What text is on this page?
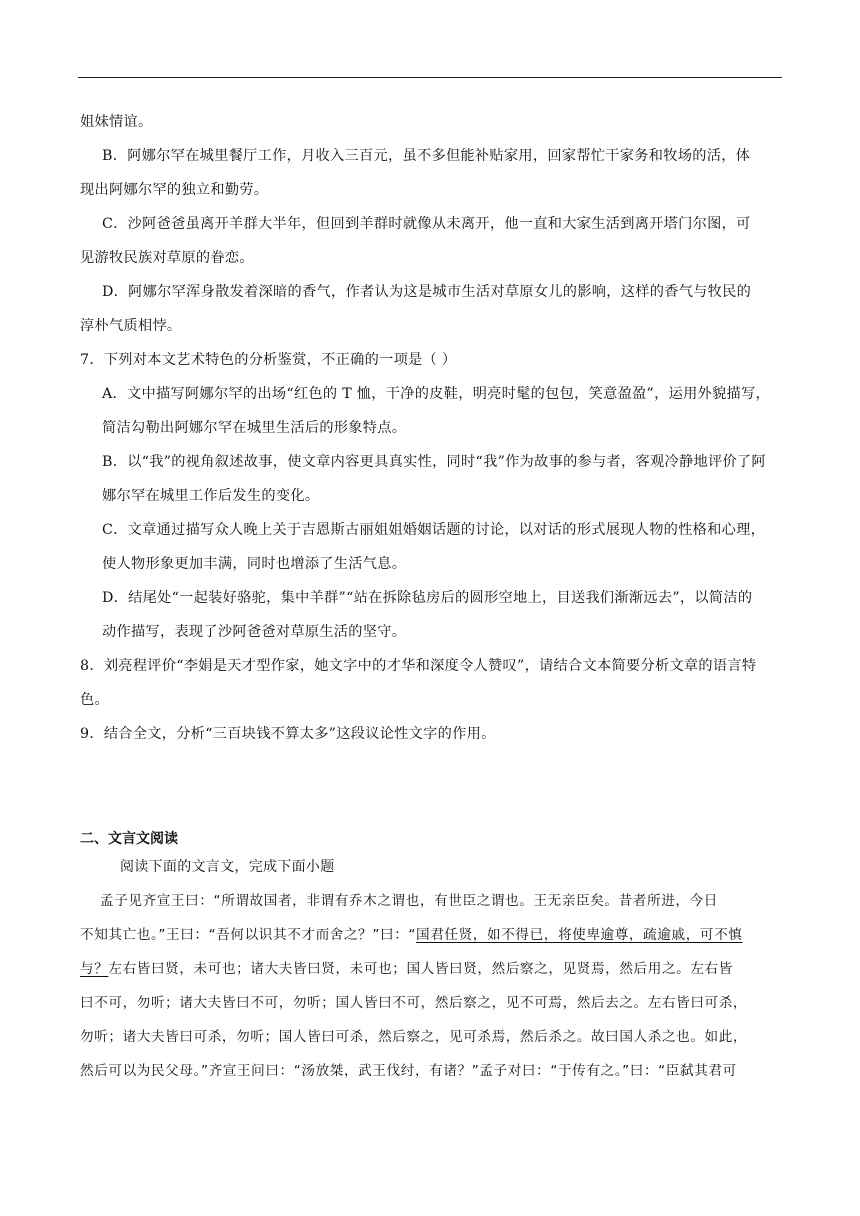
姐妹情谊。
B．阿娜尔罕在城里餐厅工作，月收入三百元，虽不多但能补贴家用，回家帮忙干家务和牧场的活，体
现出阿娜尔罕的独立和勤劳。
C．沙阿爸爸虽离开羊群大半年，但回到羊群时就像从未离开，他一直和大家生活到离开塔门尔图，可
见游牧民族对草原的眷恋。
D．阿娜尔罕浑身散发着深暗的香气，作者认为这是城市生活对草原女儿的影响，这样的香气与牧民的
淳朴气质相悖。
7．下列对本文艺术特色的分析鉴赏，不正确的一项是（ ）
A．文中描写阿娜尔罕的出场“红色的 T 恤，干净的皮鞋，明亮时髦的包包，笑意盈盈”，运用外貌描写，
简洁勾勒出阿娜尔罕在城里生活后的形象特点。
B．以“我”的视角叙述故事，使文章内容更具真实性，同时“我”作为故事的参与者，客观冷静地评价了阿
娜尔罕在城里工作后发生的变化。
C．文章通过描写众人晚上关于吉恩斯古丽姐姐婚姻话题的讨论，以对话的形式展现人物的性格和心理，
使人物形象更加丰满，同时也增添了生活气息。
D．结尾处“一起装好骆驼，集中羊群”“站在拆除毡房后的圆形空地上，目送我们渐渐远去”，以简洁的
动作描写，表现了沙阿爸爸对草原生活的坚守。
8．刘亮程评价“李娟是天才型作家，她文字中的才华和深度令人赞叹”，请结合文本简要分析文章的语言特
色。
9．结合全文，分析“三百块钱不算太多”这段议论性文字的作用。
二、文言文阅读
阅读下面的文言文，完成下面小题
孟子见齐宣王曰：“所谓故国者，非谓有乔木之谓也，有世臣之谓也。王无亲臣矣。昔者所进，今日
不知其亡也。”王曰：“吾何以识其不才而舍之？”曰：“国君任贤，如不得已，将使卑逾尊，疏逾戚，可不慎
与？左右皆曰贤，未可也；诸大夫皆曰贤，未可也；国人皆曰贤，然后察之，见贤焉，然后用之。左右皆
曰不可，勿听；诸大夫皆曰不可，勿听；国人皆曰不可，然后察之，见不可焉，然后去之。左右皆曰可杀，
勿听；诸大夫皆曰可杀，勿听；国人皆曰可杀，然后察之，见可杀焉，然后杀之。故曰国人杀之也。如此，
然后可以为民父母。”齐宣王问曰：“汤放桀，武王伐纣，有诸？”孟子对曰：“于传有之。”曰：“臣弑其君可
